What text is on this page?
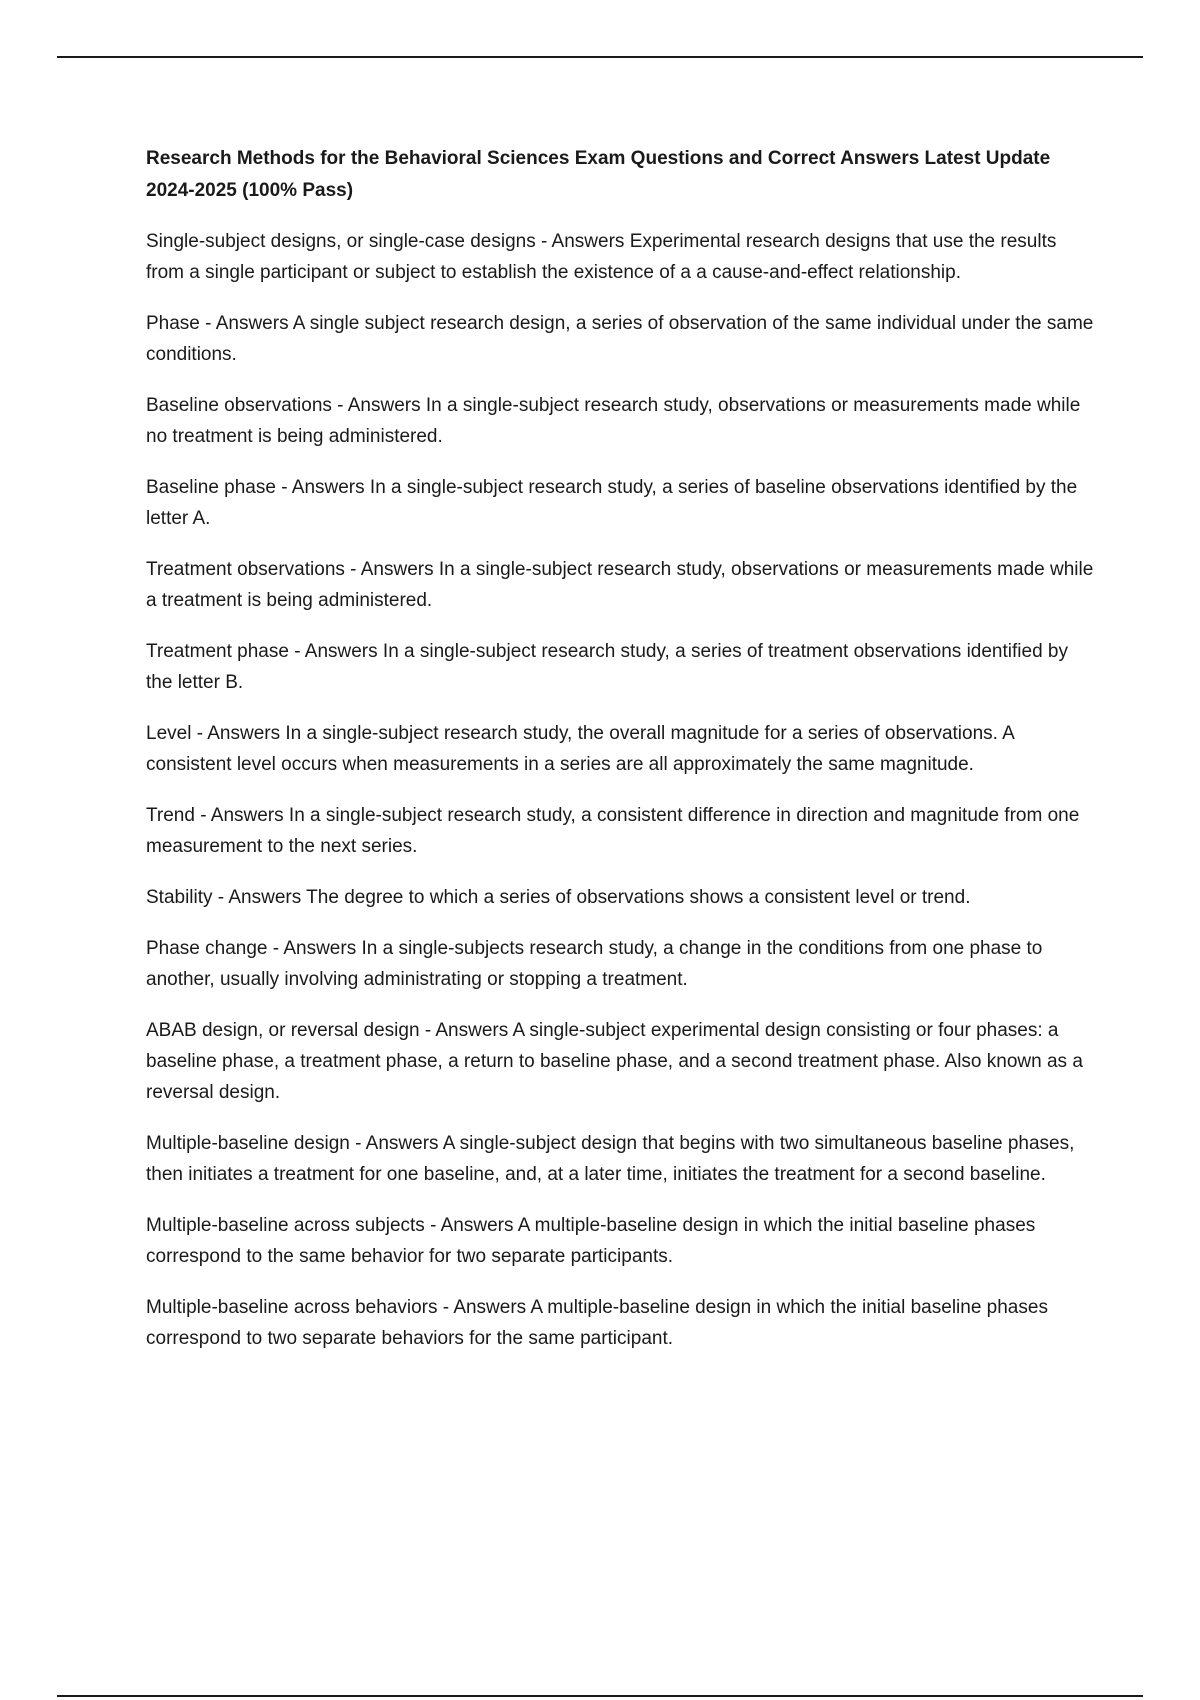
Research Methods for the Behavioral Sciences Exam Questions and Correct Answers Latest Update 2024-2025 (100% Pass)
Single-subject designs, or single-case designs - Answers Experimental research designs that use the results from a single participant or subject to establish the existence of a a cause-and-effect relationship.
Phase - Answers A single subject research design, a series of observation of the same individual under the same conditions.
Baseline observations - Answers In a single-subject research study, observations or measurements made while no treatment is being administered.
Baseline phase - Answers In a single-subject research study, a series of baseline observations identified by the letter A.
Treatment observations - Answers In a single-subject research study, observations or measurements made while a treatment is being administered.
Treatment phase - Answers In a single-subject research study, a series of treatment observations identified by the letter B.
Level - Answers In a single-subject research study, the overall magnitude for a series of observations. A consistent level occurs when measurements in a series are all approximately the same magnitude.
Trend - Answers In a single-subject research study, a consistent difference in direction and magnitude from one measurement to the next series.
Stability - Answers The degree to which a series of observations shows a consistent level or trend.
Phase change - Answers In a single-subjects research study, a change in the conditions from one phase to another, usually involving administrating or stopping a treatment.
ABAB design, or reversal design - Answers A single-subject experimental design consisting or four phases: a baseline phase, a treatment phase, a return to baseline phase, and a second treatment phase. Also known as a reversal design.
Multiple-baseline design - Answers A single-subject design that begins with two simultaneous baseline phases, then initiates a treatment for one baseline, and, at a later time, initiates the treatment for a second baseline.
Multiple-baseline across subjects - Answers A multiple-baseline design in which the initial baseline phases correspond to the same behavior for two separate participants.
Multiple-baseline across behaviors - Answers A multiple-baseline design in which the initial baseline phases correspond to two separate behaviors for the same participant.
